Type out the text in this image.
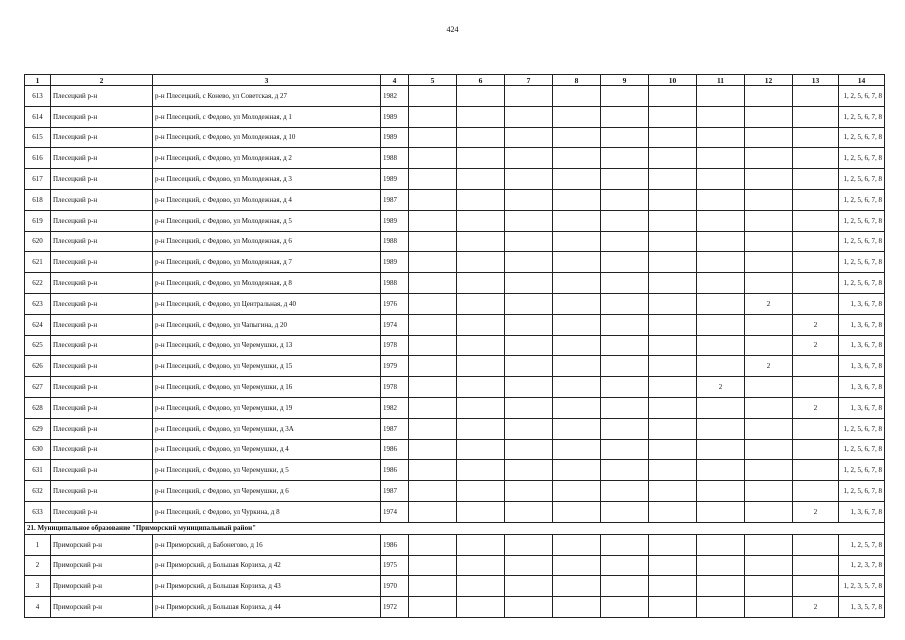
424
1	2	3	4	5	6	7	8	9	10	11	12	13	14
613	Плесецкий р-н	р-н Плесецкий, с Конево, ул Советская, д 27	1982										1, 2, 5, 6, 7, 8
614	Плесецкий р-н	р-н Плесецкий, с Федово, ул Молодежная, д 1	1989										1, 2, 5, 6, 7, 8
615	Плесецкий р-н	р-н Плесецкий, с Федово, ул Молодежная, д 10	1989										1, 2, 5, 6, 7, 8
616	Плесецкий р-н	р-н Плесецкий, с Федово, ул Молодежная, д 2	1988										1, 2, 5, 6, 7, 8
617	Плесецкий р-н	р-н Плесецкий, с Федово, ул Молодежная, д 3	1989										1, 2, 5, 6, 7, 8
618	Плесецкий р-н	р-н Плесецкий, с Федово, ул Молодежная, д 4	1987										1, 2, 5, 6, 7, 8
619	Плесецкий р-н	р-н Плесецкий, с Федово, ул Молодежная, д 5	1989										1, 2, 5, 6, 7, 8
620	Плесецкий р-н	р-н Плесецкий, с Федово, ул Молодежная, д 6	1988										1, 2, 5, 6, 7, 8
621	Плесецкий р-н	р-н Плесецкий, с Федово, ул Молодежная, д 7	1989										1, 2, 5, 6, 7, 8
622	Плесецкий р-н	р-н Плесецкий, с Федово, ул Молодежная, д 8	1988										1, 2, 5, 6, 7, 8
623	Плесецкий р-н	р-н Плесецкий, с Федово, ул Центральная, д 40	1976								2		1, 3, 6, 7, 8
624	Плесецкий р-н	р-н Плесецкий, с Федово, ул Чапыгина, д 20	1974									2	1, 3, 6, 7, 8
625	Плесецкий р-н	р-н Плесецкий, с Федово, ул Черемушки, д 13	1978									2	1, 3, 6, 7, 8
626	Плесецкий р-н	р-н Плесецкий, с Федово, ул Черемушки, д 15	1979								2		1, 3, 6, 7, 8
627	Плесецкий р-н	р-н Плесецкий, с Федово, ул Черемушки, д 16	1978							2			1, 3, 6, 7, 8
628	Плесецкий р-н	р-н Плесецкий, с Федово, ул Черемушки, д 19	1982									2	1, 3, 6, 7, 8
629	Плесецкий р-н	р-н Плесецкий, с Федово, ул Черемушки, д 3А	1987										1, 2, 5, 6, 7, 8
630	Плесецкий р-н	р-н Плесецкий, с Федово, ул Черемушки, д 4	1986										1, 2, 5, 6, 7, 8
631	Плесецкий р-н	р-н Плесецкий, с Федово, ул Черемушки, д 5	1986										1, 2, 5, 6, 7, 8
632	Плесецкий р-н	р-н Плесецкий, с Федово, ул Черемушки, д 6	1987										1, 2, 5, 6, 7, 8
633	Плесецкий р-н	р-н Плесецкий, с Федово, ул Чуркина, д 8	1974									2	1, 3, 6, 7, 8
21. Муниципальное образование "Приморский муниципальный район"													
1	Приморский р-н	р-н Приморский, д Бабонегово, д 16	1986										1, 2, 5, 7, 8
2	Приморский р-н	р-н Приморский, д Большая Корзиха, д 42	1975										1, 2, 3, 7, 8
3	Приморский р-н	р-н Приморский, д Большая Корзиха, д 43	1970										1, 2, 3, 5, 7, 8
4	Приморский р-н	р-н Приморский, д Большая Корзиха, д 44	1972									2	1, 3, 5, 7, 8
